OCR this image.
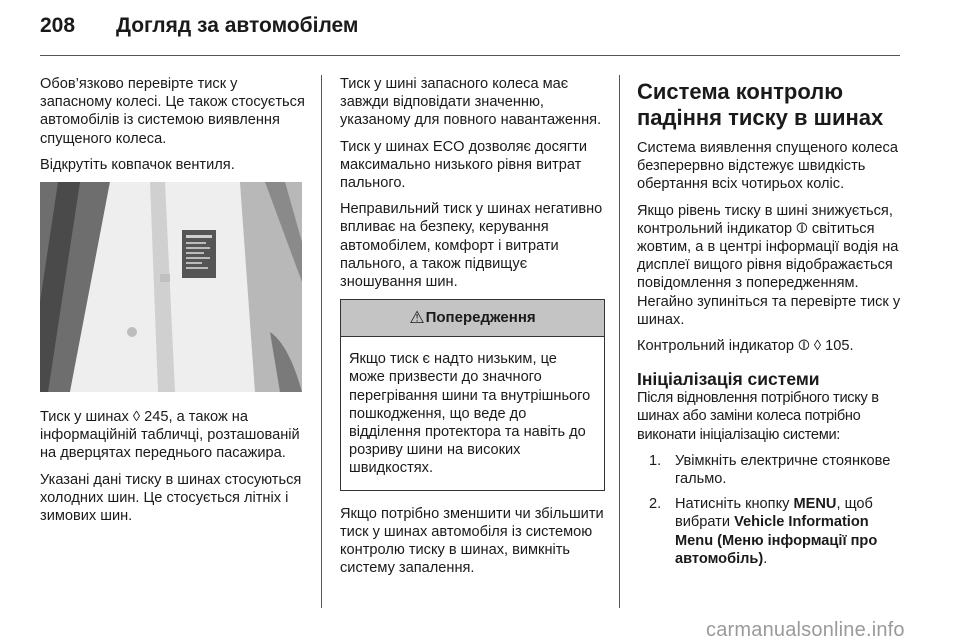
208 Догляд за автомобілем

Обов’язково перевірте тиск у запасному колесі. Це також стосується автомобілів із системою виявлення спущеного колеса.

Відкрутіть ковпачок вентиля.

Тиск у шинах ◊ 245, а також на інформаційній табличці, розташованій на дверцятах переднього пасажира.

Указані дані тиску в шинах стосуються холодних шин. Це стосується літніх і зимових шин.

Тиск у шині запасного колеса має завжди відповідати значенню, указаному для повного навантаження.

Тиск у шинах ECO дозволяє досягти максимально низького рівня витрат пального.

Неправильний тиск у шинах негативно впливає на безпеку, керування автомобілем, комфорт і витрати пального, а також підвищує зношування шин.

⚠ Попередження

Якщо тиск є надто низьким, це може призвести до значного перегрівання шини та внутрішнього пошкодження, що веде до відділення протектора та навіть до розриву шини на високих швидкостях.

Якщо потрібно зменшити чи збільшити тиск у шинах автомобіля із системою контролю тиску в шинах, вимкніть систему запалення.

Система контролю падіння тиску в шинах

Система виявлення спущеного колеса безперервно відстежує швидкість обертання всіх чотирьох коліс.

Якщо рівень тиску в шині знижується, контрольний індикатор ⦷ світиться жовтим, а в центрі інформації водія на дисплеї вищого рівня відображається повідомлення з попередженням. Негайно зупиніться та перевірте тиск у шинах.

Контрольний індикатор ⦷ ◊ 105.

Ініціалізація системи

Після відновлення потрібного тиску в шинах або заміни колеса потрібно виконати ініціалізацію системи:

1. Увімкніть електричне стоянкове гальмо.
2. Натисніть кнопку MENU, щоб вибрати Vehicle Information Menu (Меню інформації про автомобіль).
carmanualsonline.info
